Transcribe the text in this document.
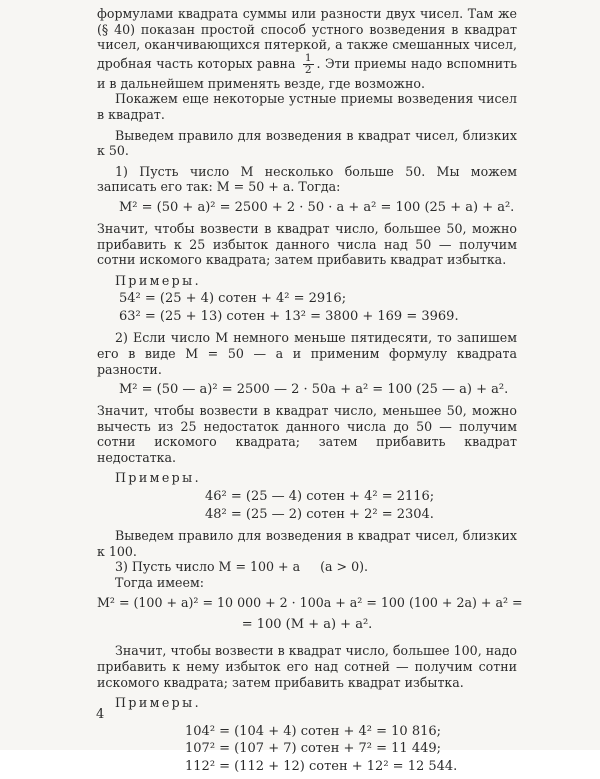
формулами квадрата суммы или разности двух чисел. Там же (§ 40) показан простой способ устного возведения в квадрат чисел, оканчивающихся пятеркой, а также смешанных чисел, дробная часть которых равна $\frac{1}{2}$ . Эти приемы надо вспомнить и в дальнейшем применять везде, где возможно.

Покажем еще некоторые устные приемы возведения чисел в квадрат.

Выведем правило для возведения в квадрат чисел, близких к 50.

1) Пусть число M несколько больше 50. Мы можем записать его так: M = 50 + a. Тогда:

M² = (50 + a)² = 2500 + 2 · 50 · a + a² = 100 (25 + a) + a².

Значит, чтобы возвести в квадрат число, большее 50, можно прибавить к 25 избыток данного числа над 50 — получим сотни искомого квадрата; затем прибавить квадрат избытка.

Примеры.

54² = (25 + 4) сотен + 4² = 2916;
63² = (25 + 13) сотен + 13² = 3800 + 169 = 3969.

2) Если число M немного меньше пятидесяти, то запишем его в виде M = 50 — a и применим формулу квадрата разности.

M² = (50 — a)² = 2500 — 2 · 50a + a² = 100 (25 — a) + a².

Значит, чтобы возвести в квадрат число, меньшее 50, можно вычесть из 25 недостаток данного числа до 50 — получим сотни искомого квадрата; затем прибавить квадрат недостатка.

Примеры.

46² = (25 — 4) сотен + 4² = 2116;
48² = (25 — 2) сотен + 2² = 2304.

Выведем правило для возведения в квадрат чисел, близких к 100.

3) Пусть число M = 100 + a     (a > 0).

Тогда имеем:

M² = (100 + a)² = 10 000 + 2 · 100a + a² = 100 (100 + 2a) + a² =

= 100 (M + a) + a².

Значит, чтобы возвести в квадрат число, большее 100, надо прибавить к нему избыток его над сотней — получим сотни искомого квадрата; затем прибавить квадрат избытка.

Примеры.

104² = (104 + 4) сотен + 4² = 10 816;
107² = (107 + 7) сотен + 7² = 11 449;
112² = (112 + 12) сотен + 12² = 12 544.
4
